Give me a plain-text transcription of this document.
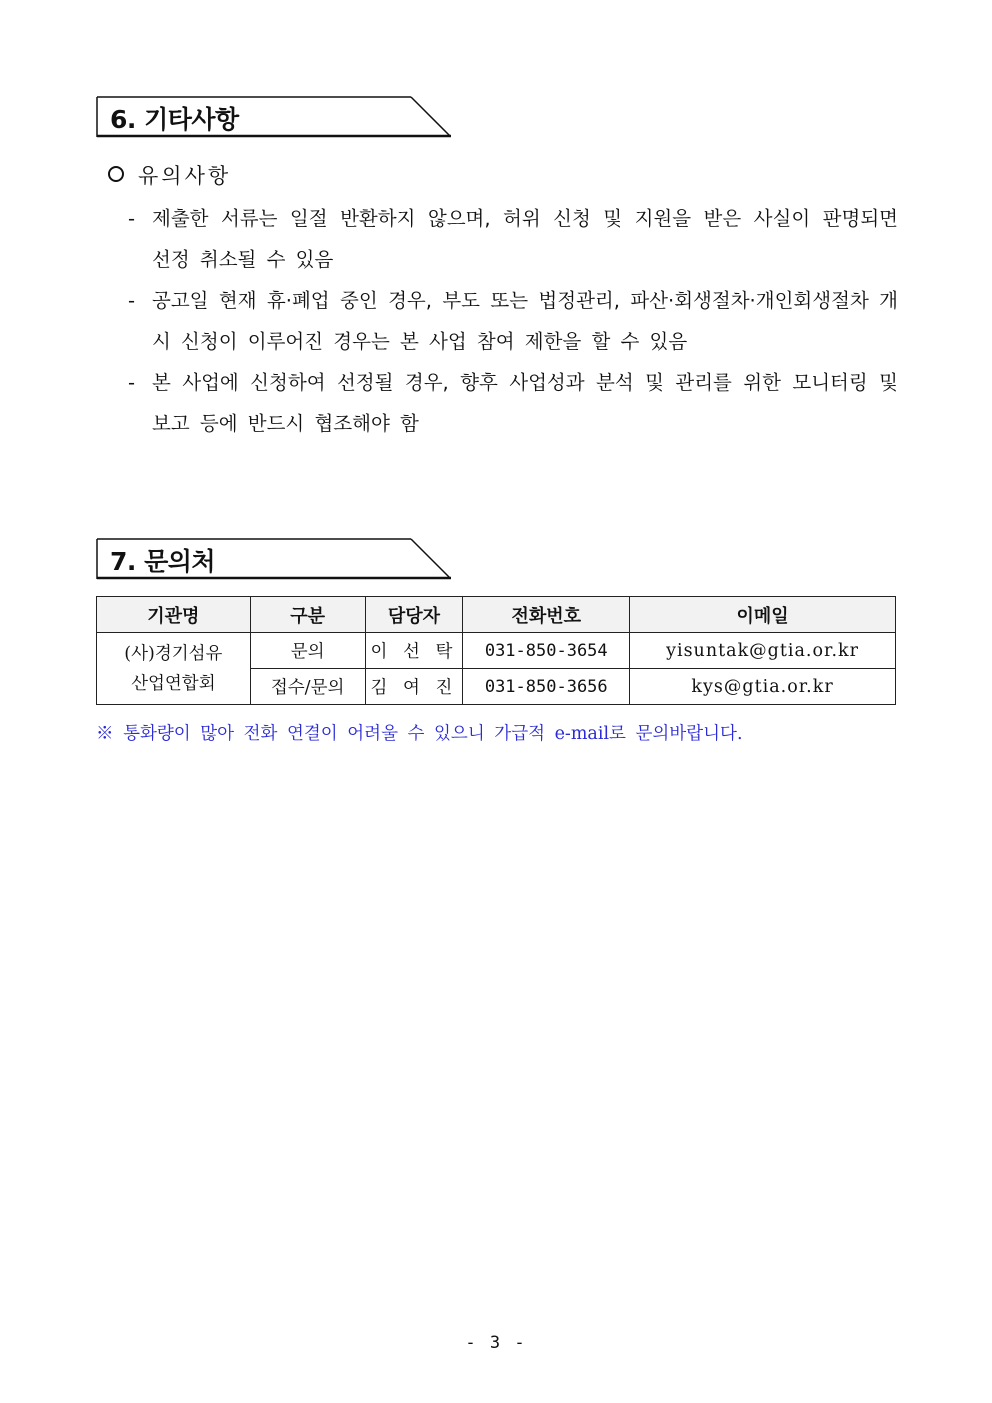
6. 기타사항
유의사항
- 제출한 서류는 일절 반환하지 않으며, 허위 신청 및 지원을 받은 사실이 판명되면 선정 취소될 수 있음
- 공고일 현재 휴·폐업 중인 경우, 부도 또는 법정관리, 파산·회생절차·개인회생절차 개시 신청이 이루어진 경우는 본 사업 참여 제한을 할 수 있음
- 본 사업에 신청하여 선정될 경우, 향후 사업성과 분석 및 관리를 위한 모니터링 및 보고 등에 반드시 협조해야 함
7. 문의처
기관명	구분	담당자	전화번호	이메일
(사)경기섬유
산업연합회	문의	이 선 탁	031-850-3654	yisuntak@gtia.or.kr
	접수/문의	김 여 진	031-850-3656	kys@gtia.or.kr
※ 통화량이 많아 전화 연결이 어려울 수 있으니 가급적 e-mail로 문의바랍니다.
- 3 -
